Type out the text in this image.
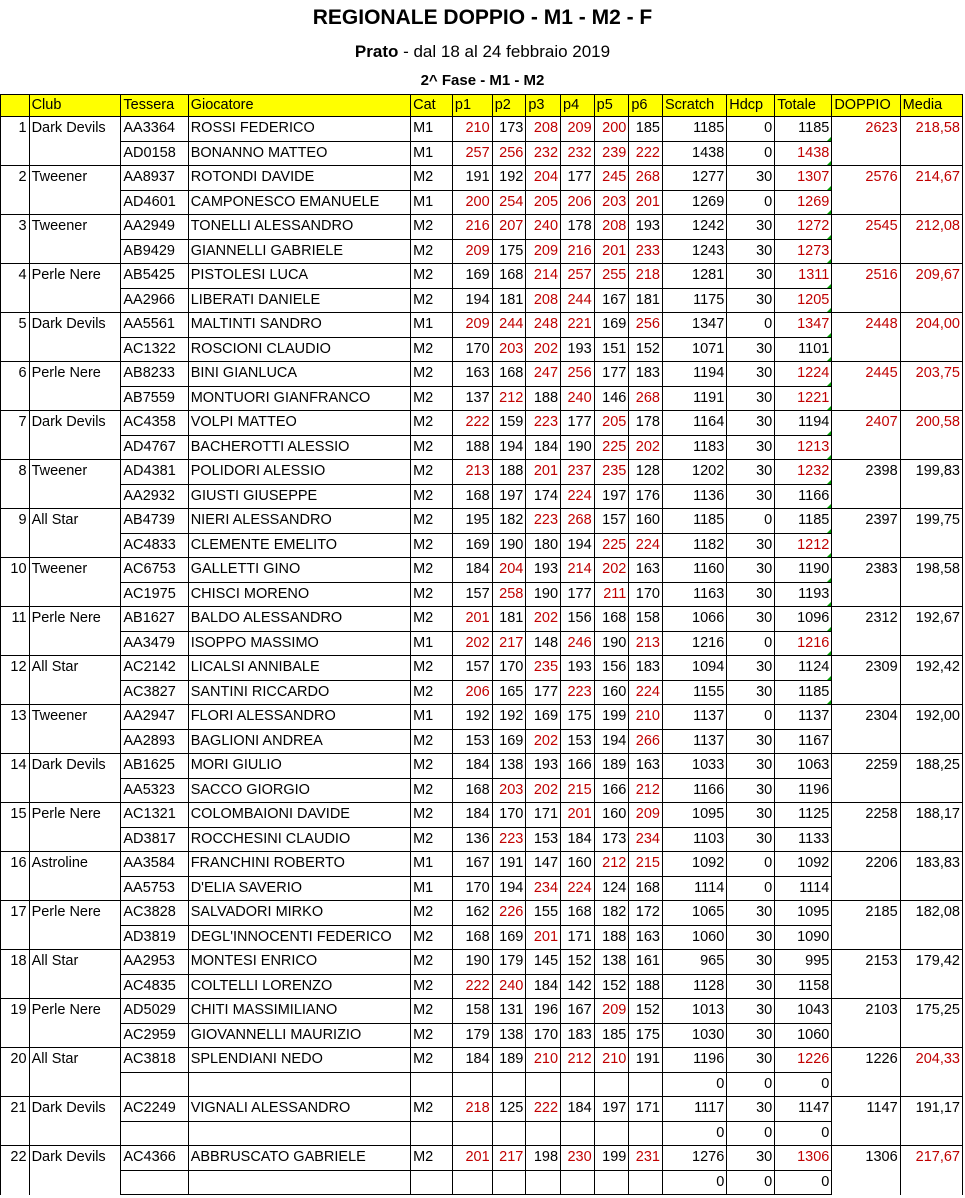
REGIONALE DOPPIO - M1 - M2 - F
Prato - dal 18 al 24 febbraio 2019
2^ Fase - M1 - M2
	Club	Tessera	Giocatore	Cat	p1	p2	p3	p4	p5	p6	Scratch	Hdcp	Totale	DOPPIO	Media
1	Dark Devils	AA3364	ROSSI FEDERICO	M1	210	173	208	209	200	185	1185	0	1185	2623	218,58
		AD0158	BONANNO MATTEO	M1	257	256	232	232	239	222	1438	0	1438		
2	Tweener	AA8937	ROTONDI DAVIDE	M2	191	192	204	177	245	268	1277	30	1307	2576	214,67
		AD4601	CAMPONESCO EMANUELE	M1	200	254	205	206	203	201	1269	0	1269		
3	Tweener	AA2949	TONELLI ALESSANDRO	M2	216	207	240	178	208	193	1242	30	1272	2545	212,08
		AB9429	GIANNELLI GABRIELE	M2	209	175	209	216	201	233	1243	30	1273		
4	Perle Nere	AB5425	PISTOLESI LUCA	M2	169	168	214	257	255	218	1281	30	1311	2516	209,67
		AA2966	LIBERATI DANIELE	M2	194	181	208	244	167	181	1175	30	1205		
5	Dark Devils	AA5561	MALTINTI SANDRO	M1	209	244	248	221	169	256	1347	0	1347	2448	204,00
		AC1322	ROSCIONI CLAUDIO	M2	170	203	202	193	151	152	1071	30	1101		
6	Perle Nere	AB8233	BINI GIANLUCA	M2	163	168	247	256	177	183	1194	30	1224	2445	203,75
		AB7559	MONTUORI GIANFRANCO	M2	137	212	188	240	146	268	1191	30	1221		
7	Dark Devils	AC4358	VOLPI MATTEO	M2	222	159	223	177	205	178	1164	30	1194	2407	200,58
		AD4767	BACHEROTTI ALESSIO	M2	188	194	184	190	225	202	1183	30	1213		
8	Tweener	AD4381	POLIDORI ALESSIO	M2	213	188	201	237	235	128	1202	30	1232	2398	199,83
		AA2932	GIUSTI GIUSEPPE	M2	168	197	174	224	197	176	1136	30	1166		
9	All Star	AB4739	NIERI ALESSANDRO	M2	195	182	223	268	157	160	1185	0	1185	2397	199,75
		AC4833	CLEMENTE EMELITO	M2	169	190	180	194	225	224	1182	30	1212		
10	Tweener	AC6753	GALLETTI GINO	M2	184	204	193	214	202	163	1160	30	1190	2383	198,58
		AC1975	CHISCI MORENO	M2	157	258	190	177	211	170	1163	30	1193		
11	Perle Nere	AB1627	BALDO ALESSANDRO	M2	201	181	202	156	168	158	1066	30	1096	2312	192,67
		AA3479	ISOPPO MASSIMO	M1	202	217	148	246	190	213	1216	0	1216		
12	All Star	AC2142	LICALSI ANNIBALE	M2	157	170	235	193	156	183	1094	30	1124	2309	192,42
		AC3827	SANTINI RICCARDO	M2	206	165	177	223	160	224	1155	30	1185		
13	Tweener	AA2947	FLORI ALESSANDRO	M1	192	192	169	175	199	210	1137	0	1137	2304	192,00
		AA2893	BAGLIONI ANDREA	M2	153	169	202	153	194	266	1137	30	1167		
14	Dark Devils	AB1625	MORI GIULIO	M2	184	138	193	166	189	163	1033	30	1063	2259	188,25
		AA5323	SACCO GIORGIO	M2	168	203	202	215	166	212	1166	30	1196		
15	Perle Nere	AC1321	COLOMBAIONI DAVIDE	M2	184	170	171	201	160	209	1095	30	1125	2258	188,17
		AD3817	ROCCHESINI CLAUDIO	M2	136	223	153	184	173	234	1103	30	1133		
16	Astroline	AA3584	FRANCHINI ROBERTO	M1	167	191	147	160	212	215	1092	0	1092	2206	183,83
		AA5753	D'ELIA SAVERIO	M1	170	194	234	224	124	168	1114	0	1114		
17	Perle Nere	AC3828	SALVADORI MIRKO	M2	162	226	155	168	182	172	1065	30	1095	2185	182,08
		AD3819	DEGL'INNOCENTI FEDERICO	M2	168	169	201	171	188	163	1060	30	1090		
18	All Star	AA2953	MONTESI ENRICO	M2	190	179	145	152	138	161	965	30	995	2153	179,42
		AC4835	COLTELLI LORENZO	M2	222	240	184	142	152	188	1128	30	1158		
19	Perle Nere	AD5029	CHITI MASSIMILIANO	M2	158	131	196	167	209	152	1013	30	1043	2103	175,25
		AC2959	GIOVANNELLI MAURIZIO	M2	179	138	170	183	185	175	1030	30	1060		
20	All Star	AC3818	SPLENDIANI NEDO	M2	184	189	210	212	210	191	1196	30	1226	1226	204,33
											0	0	0		
21	Dark Devils	AC2249	VIGNALI ALESSANDRO	M2	218	125	222	184	197	171	1117	30	1147	1147	191,17
											0	0	0		
22	Dark Devils	AC4366	ABBRUSCATO GABRIELE	M2	201	217	198	230	199	231	1276	30	1306	1306	217,67
											0	0	0		
